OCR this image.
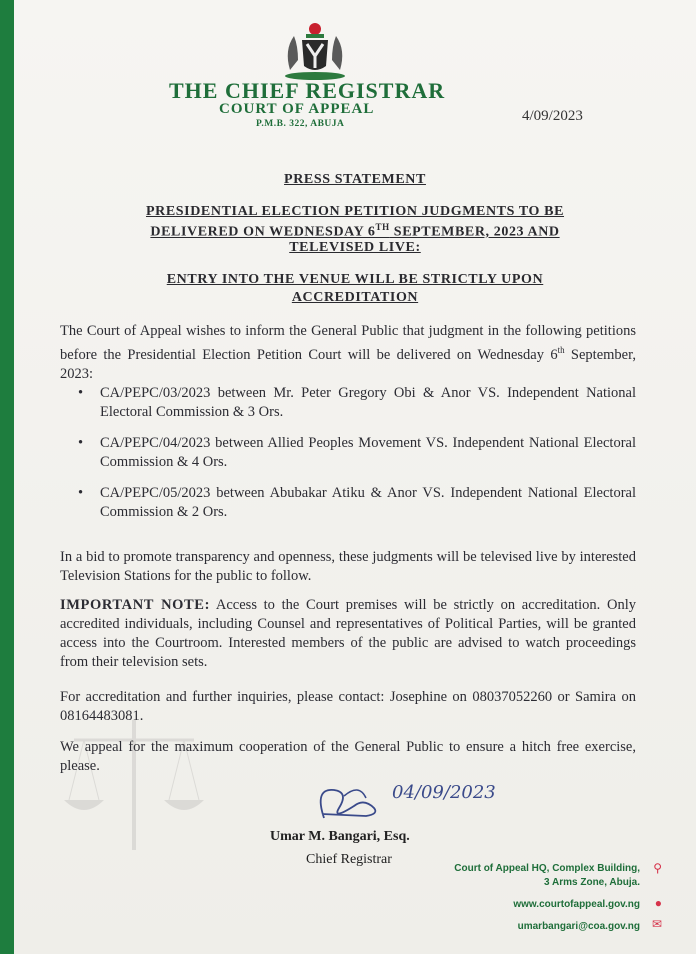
THE CHIEF REGISTRAR
COURT OF APPEAL
P.M.B. 322, ABUJA	4/09/2023
PRESS STATEMENT
PRESIDENTIAL ELECTION PETITION JUDGMENTS TO BE
DELIVERED ON WEDNESDAY 6TH SEPTEMBER, 2023 AND
TELEVISED LIVE:
ENTRY INTO THE VENUE WILL BE STRICTLY UPON
ACCREDITATION
The Court of Appeal wishes to inform the General Public that judgment in the following petitions before the Presidential Election Petition Court will be delivered on Wednesday 6th September, 2023:
• CA/PEPC/03/2023 between Mr. Peter Gregory Obi & Anor VS. Independent National Electoral Commission & 3 Ors.
• CA/PEPC/04/2023 between Allied Peoples Movement VS. Independent National Electoral Commission & 4 Ors.
• CA/PEPC/05/2023 between Abubakar Atiku & Anor VS. Independent National Electoral Commission & 2 Ors.
In a bid to promote transparency and openness, these judgments will be televised live by interested Television Stations for the public to follow.
IMPORTANT NOTE: Access to the Court premises will be strictly on accreditation. Only accredited individuals, including Counsel and representatives of Political Parties, will be granted access into the Courtroom. Interested members of the public are advised to watch proceedings from their television sets.
For accreditation and further inquiries, please contact: Josephine on 08037052260 or Samira on 08164483081.
We appeal for the maximum cooperation of the General Public to ensure a hitch free exercise, please.
04/09/2023
Umar M. Bangari, Esq.
Chief Registrar
Court of Appeal HQ, Complex Building,
3 Arms Zone, Abuja.
⚲
www.courtofappeal.gov.ng ●
umarbangari@coa.gov.ng ✉
